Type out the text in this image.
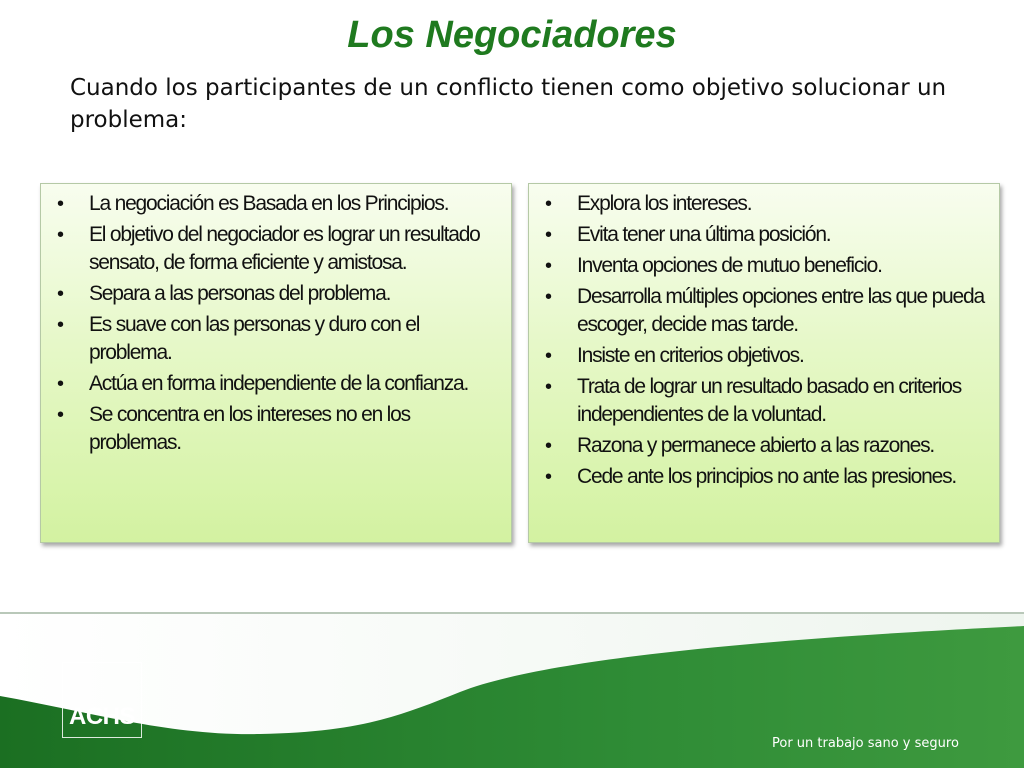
Los Negociadores
Cuando los participantes de un conflicto tienen como objetivo solucionar un problema:
• La negociación es Basada en los Principios.
• El objetivo del negociador es lograr un resultado sensato, de forma eficiente y amistosa.
• Separa a las personas del problema.
• Es suave con las personas y duro con el problema.
• Actúa en forma independiente de la confianza.
• Se concentra en los intereses no en los problemas.
• Explora los intereses.
• Evita tener una última posición.
• Inventa opciones de mutuo beneficio.
• Desarrolla múltiples opciones entre las que pueda escoger, decide mas tarde.
• Insiste en criterios objetivos.
• Trata de lograr un resultado basado en criterios independientes de la voluntad.
• Razona y permanece abierto a las razones.
• Cede ante los principios no ante las presiones.
ACHS
Por un trabajo sano y seguro
